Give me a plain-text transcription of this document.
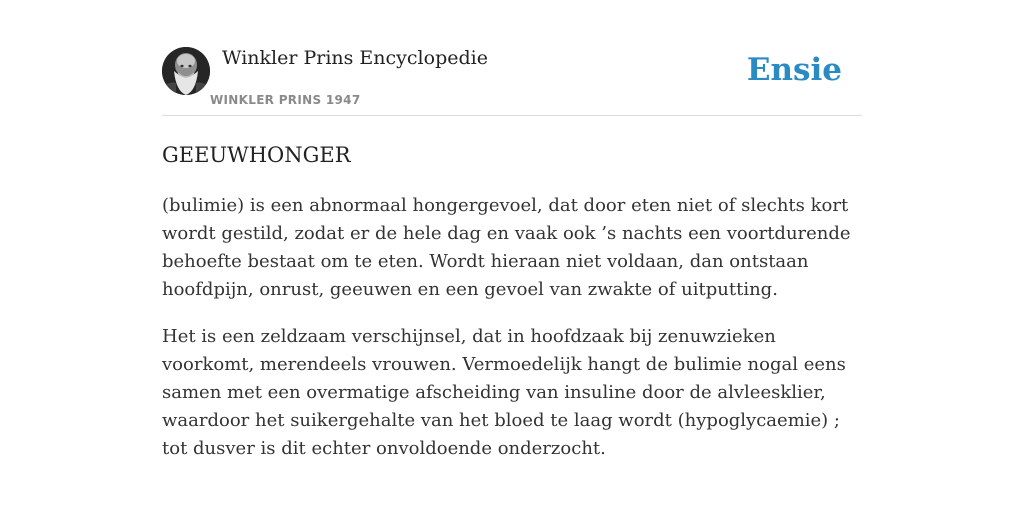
Winkler Prins Encyclopedie
WINKLER PRINS 1947
Ensie
GEEUWHONGER

(bulimie) is een abnormaal hongergevoel, dat door eten niet of slechts kort wordt gestild, zodat er de hele dag en vaak ook ’s nachts een voortdurende behoefte bestaat om te eten. Wordt hieraan niet voldaan, dan ontstaan hoofdpijn, onrust, geeuwen en een gevoel van zwakte of uitputting.

Het is een zeldzaam verschijnsel, dat in hoofdzaak bij zenuwzieken voorkomt, merendeels vrouwen. Vermoedelijk hangt de bulimie nogal eens samen met een overmatige afscheiding van insuline door de alvleesklier, waardoor het suikergehalte van het bloed te laag wordt (hypoglycaemie) ; tot dusver is dit echter onvoldoende onderzocht.
